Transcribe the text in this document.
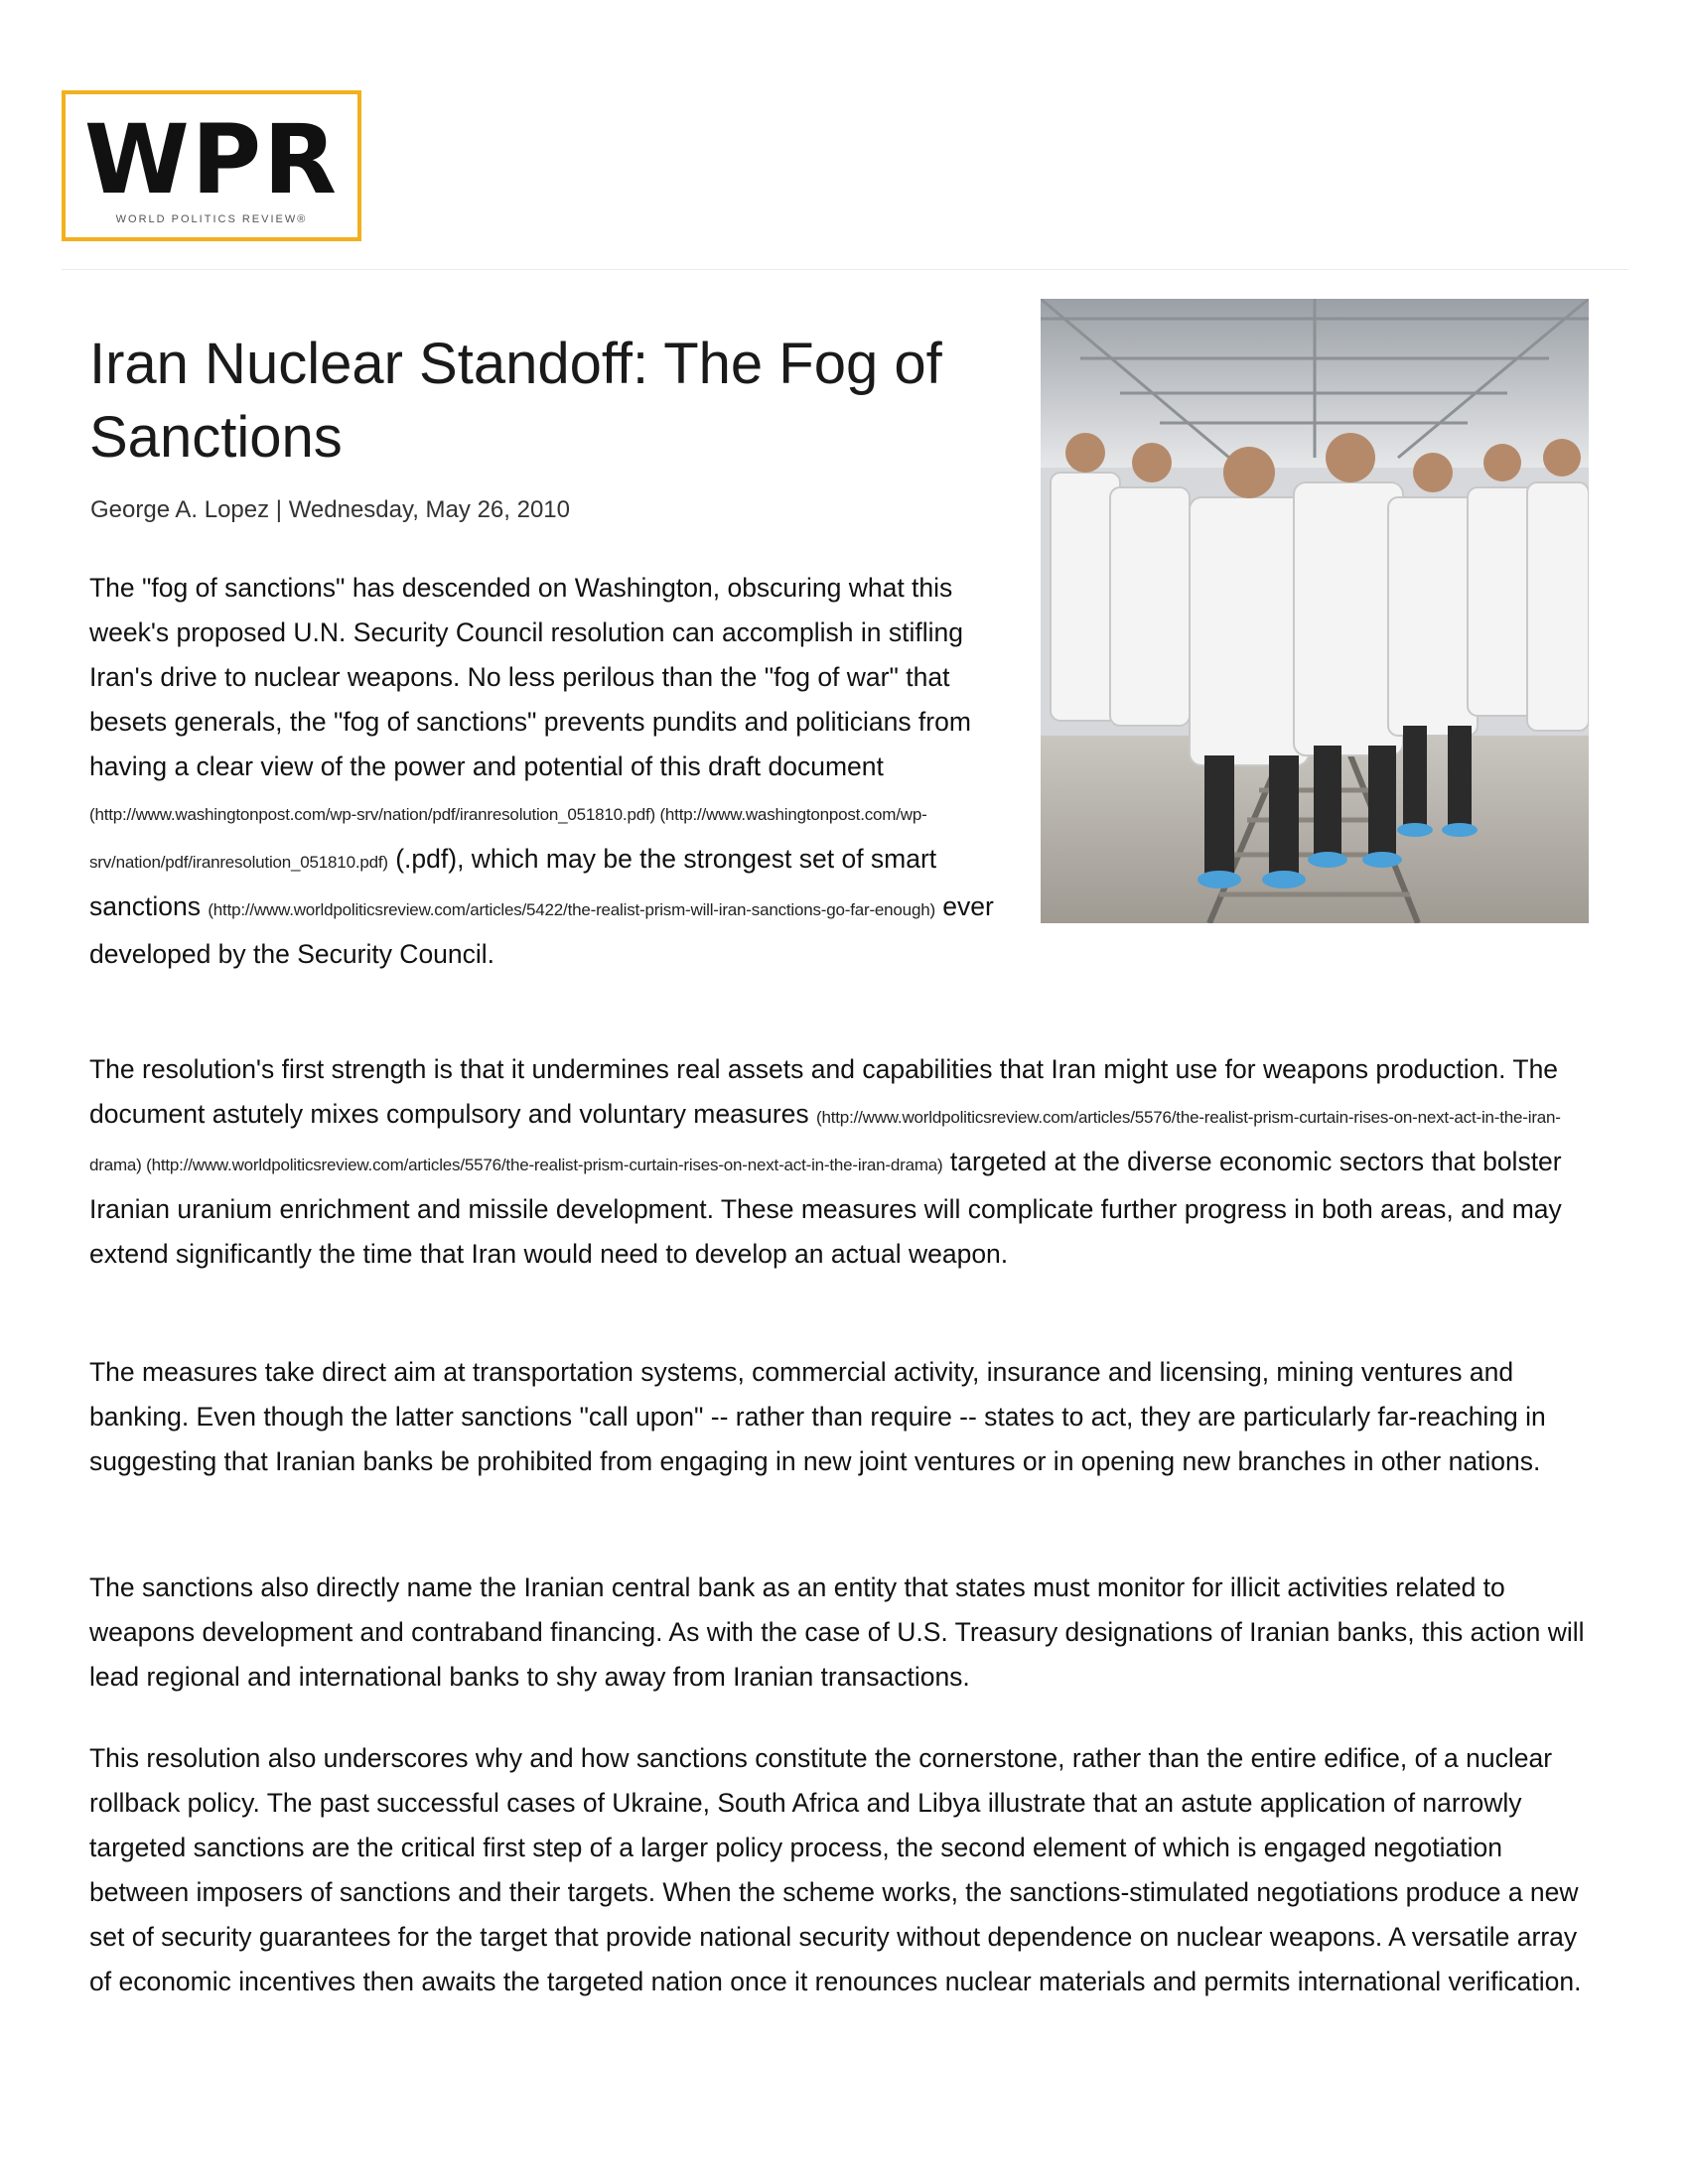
WPR
WORLD POLITICS REVIEW®
Iran Nuclear Standoff: The Fog of Sanctions

George A. Lopez | Wednesday, May 26, 2010

The "fog of sanctions" has descended on Washington, obscuring what this week's proposed U.N. Security Council resolution can accomplish in stifling Iran's drive to nuclear weapons. No less perilous than the "fog of war" that besets generals, the "fog of sanctions" prevents pundits and politicians from having a clear view of the power and potential of this draft document (http://www.washingtonpost.com/wp-srv/nation/pdf/iranresolution_051810.pdf) (http://www.washingtonpost.com/wp-srv/nation/pdf/iranresolution_051810.pdf) (.pdf), which may be the strongest set of smart sanctions (http://www.worldpoliticsreview.com/articles/5422/the-realist-prism-will-iran-sanctions-go-far-enough) ever developed by the Security Council.

The resolution's first strength is that it undermines real assets and capabilities that Iran might use for weapons production. The document astutely mixes compulsory and voluntary measures (http://www.worldpoliticsreview.com/articles/5576/the-realist-prism-curtain-rises-on-next-act-in-the-iran-drama) (http://www.worldpoliticsreview.com/articles/5576/the-realist-prism-curtain-rises-on-next-act-in-the-iran-drama) targeted at the diverse economic sectors that bolster Iranian uranium enrichment and missile development. These measures will complicate further progress in both areas, and may extend significantly the time that Iran would need to develop an actual weapon.

The measures take direct aim at transportation systems, commercial activity, insurance and licensing, mining ventures and banking. Even though the latter sanctions "call upon" -- rather than require -- states to act, they are particularly far-reaching in suggesting that Iranian banks be prohibited from engaging in new joint ventures or in opening new branches in other nations.

The sanctions also directly name the Iranian central bank as an entity that states must monitor for illicit activities related to weapons development and contraband financing. As with the case of U.S. Treasury designations of Iranian banks, this action will lead regional and international banks to shy away from Iranian transactions.

This resolution also underscores why and how sanctions constitute the cornerstone, rather than the entire edifice, of a nuclear rollback policy. The past successful cases of Ukraine, South Africa and Libya illustrate that an astute application of narrowly targeted sanctions are the critical first step of a larger policy process, the second element of which is engaged negotiation between imposers of sanctions and their targets. When the scheme works, the sanctions-stimulated negotiations produce a new set of security guarantees for the target that provide national security without dependence on nuclear weapons. A versatile array of economic incentives then awaits the targeted nation once it renounces nuclear materials and permits international verification.
